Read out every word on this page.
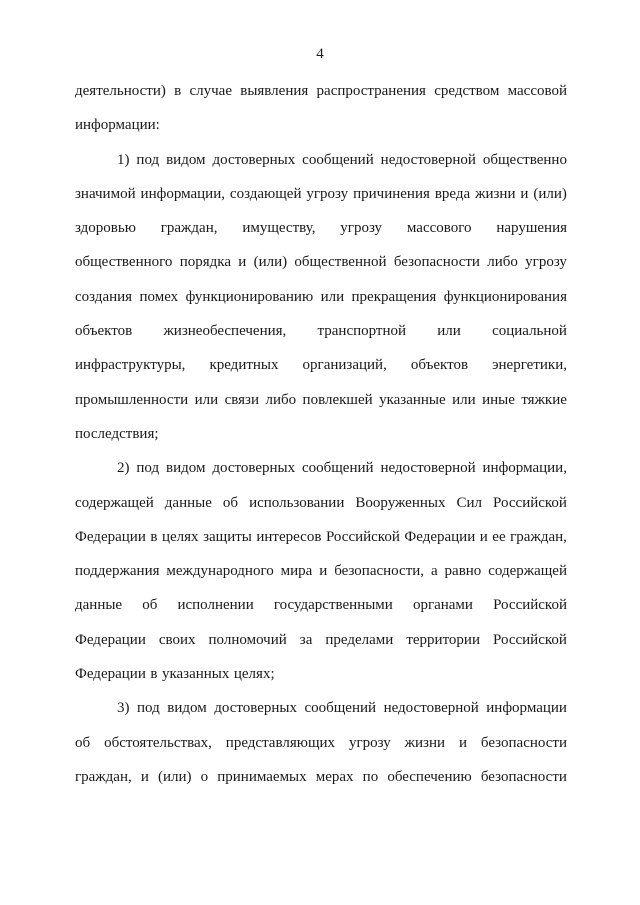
4
деятельности) в случае выявления распространения средством массовой
информации:
1) под видом достоверных сообщений недостоверной общественно
значимой информации, создающей угрозу причинения вреда жизни и (или)
здоровью граждан, имуществу, угрозу массового нарушения
общественного порядка и (или) общественной безопасности либо угрозу
создания помех функционированию или прекращения функционирования
объектов жизнеобеспечения, транспортной или социальной
инфраструктуры, кредитных организаций, объектов энергетики,
промышленности или связи либо повлекшей указанные или иные тяжкие
последствия;
2) под видом достоверных сообщений недостоверной информации,
содержащей данные об использовании Вооруженных Сил Российской
Федерации в целях защиты интересов Российской Федерации и ее граждан,
поддержания международного мира и безопасности, а равно содержащей
данные об исполнении государственными органами Российской
Федерации своих полномочий за пределами территории Российской
Федерации в указанных целях;
3) под видом достоверных сообщений недостоверной информации
об обстоятельствах, представляющих угрозу жизни и безопасности
граждан, и (или) о принимаемых мерах по обеспечению безопасности
